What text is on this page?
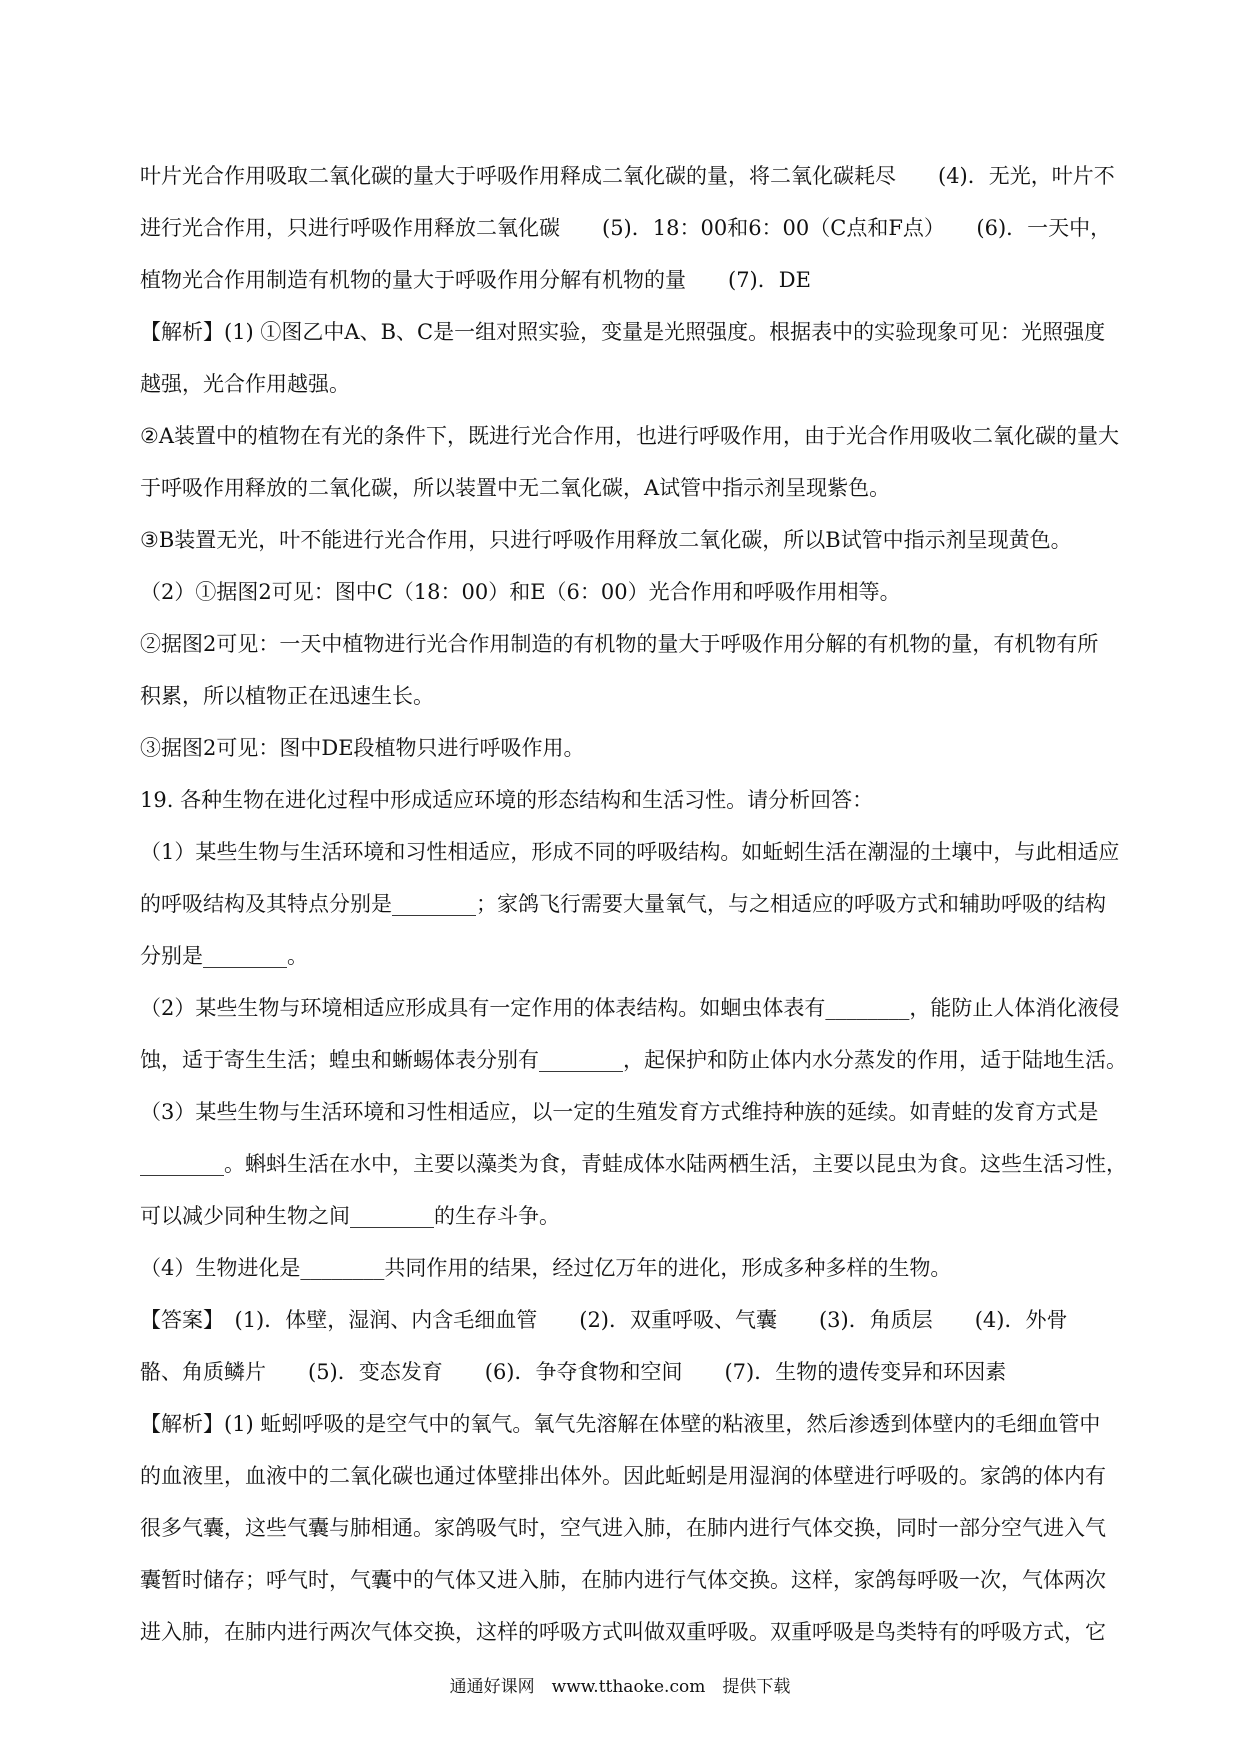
叶片光合作用吸取二氧化碳的量大于呼吸作用释成二氧化碳的量，将二氧化碳耗尽　　(4)．无光，叶片不
进行光合作用，只进行呼吸作用释放二氧化碳　　(5)．18：00和6：00（C点和F点）　　(6)．一天中，
植物光合作用制造有机物的量大于呼吸作用分解有机物的量　　(7)．DE
【解析】(1) ①图乙中A、B、C是一组对照实验，变量是光照强度。根据表中的实验现象可见：光照强度
越强，光合作用越强。
②A装置中的植物在有光的条件下，既进行光合作用，也进行呼吸作用，由于光合作用吸收二氧化碳的量大
于呼吸作用释放的二氧化碳，所以装置中无二氧化碳，A试管中指示剂呈现紫色。
③B装置无光，叶不能进行光合作用，只进行呼吸作用释放二氧化碳，所以B试管中指示剂呈现黄色。
（2）①据图2可见：图中C（18：00）和E（6：00）光合作用和呼吸作用相等。
②据图2可见：一天中植物进行光合作用制造的有机物的量大于呼吸作用分解的有机物的量，有机物有所
积累，所以植物正在迅速生长。
③据图2可见：图中DE段植物只进行呼吸作用。
19. 各种生物在进化过程中形成适应环境的形态结构和生活习性。请分析回答：
（1）某些生物与生活环境和习性相适应，形成不同的呼吸结构。如蚯蚓生活在潮湿的土壤中，与此相适应
的呼吸结构及其特点分别是________；家鸽飞行需要大量氧气，与之相适应的呼吸方式和辅助呼吸的结构
分别是________。
（2）某些生物与环境相适应形成具有一定作用的体表结构。如蛔虫体表有________，能防止人体消化液侵
蚀，适于寄生生活；蝗虫和蜥蜴体表分别有________，起保护和防止体内水分蒸发的作用，适于陆地生活。
（3）某些生物与生活环境和习性相适应，以一定的生殖发育方式维持种族的延续。如青蛙的发育方式是
________。蝌蚪生活在水中，主要以藻类为食，青蛙成体水陆两栖生活，主要以昆虫为食。这些生活习性，
可以减少同种生物之间________的生存斗争。
（4）生物进化是________共同作用的结果，经过亿万年的进化，形成多种多样的生物。
【答案】　(1)．体壁，湿润、内含毛细血管　　(2)．双重呼吸、气囊　　(3)．角质层　　(4)．外骨
骼、角质鳞片　　(5)．变态发育　　(6)．争夺食物和空间　　(7)．生物的遗传变异和环因素
【解析】(1) 蚯蚓呼吸的是空气中的氧气。氧气先溶解在体壁的粘液里，然后渗透到体壁内的毛细血管中
的血液里，血液中的二氧化碳也通过体壁排出体外。因此蚯蚓是用湿润的体壁进行呼吸的。家鸽的体内有
很多气囊，这些气囊与肺相通。家鸽吸气时，空气进入肺，在肺内进行气体交换，同时一部分空气进入气
囊暂时储存；呼气时，气囊中的气体又进入肺，在肺内进行气体交换。这样，家鸽每呼吸一次，气体两次
进入肺，在肺内进行两次气体交换，这样的呼吸方式叫做双重呼吸。双重呼吸是鸟类特有的呼吸方式，它
通通好课网　www.tthaoke.com　提供下载
